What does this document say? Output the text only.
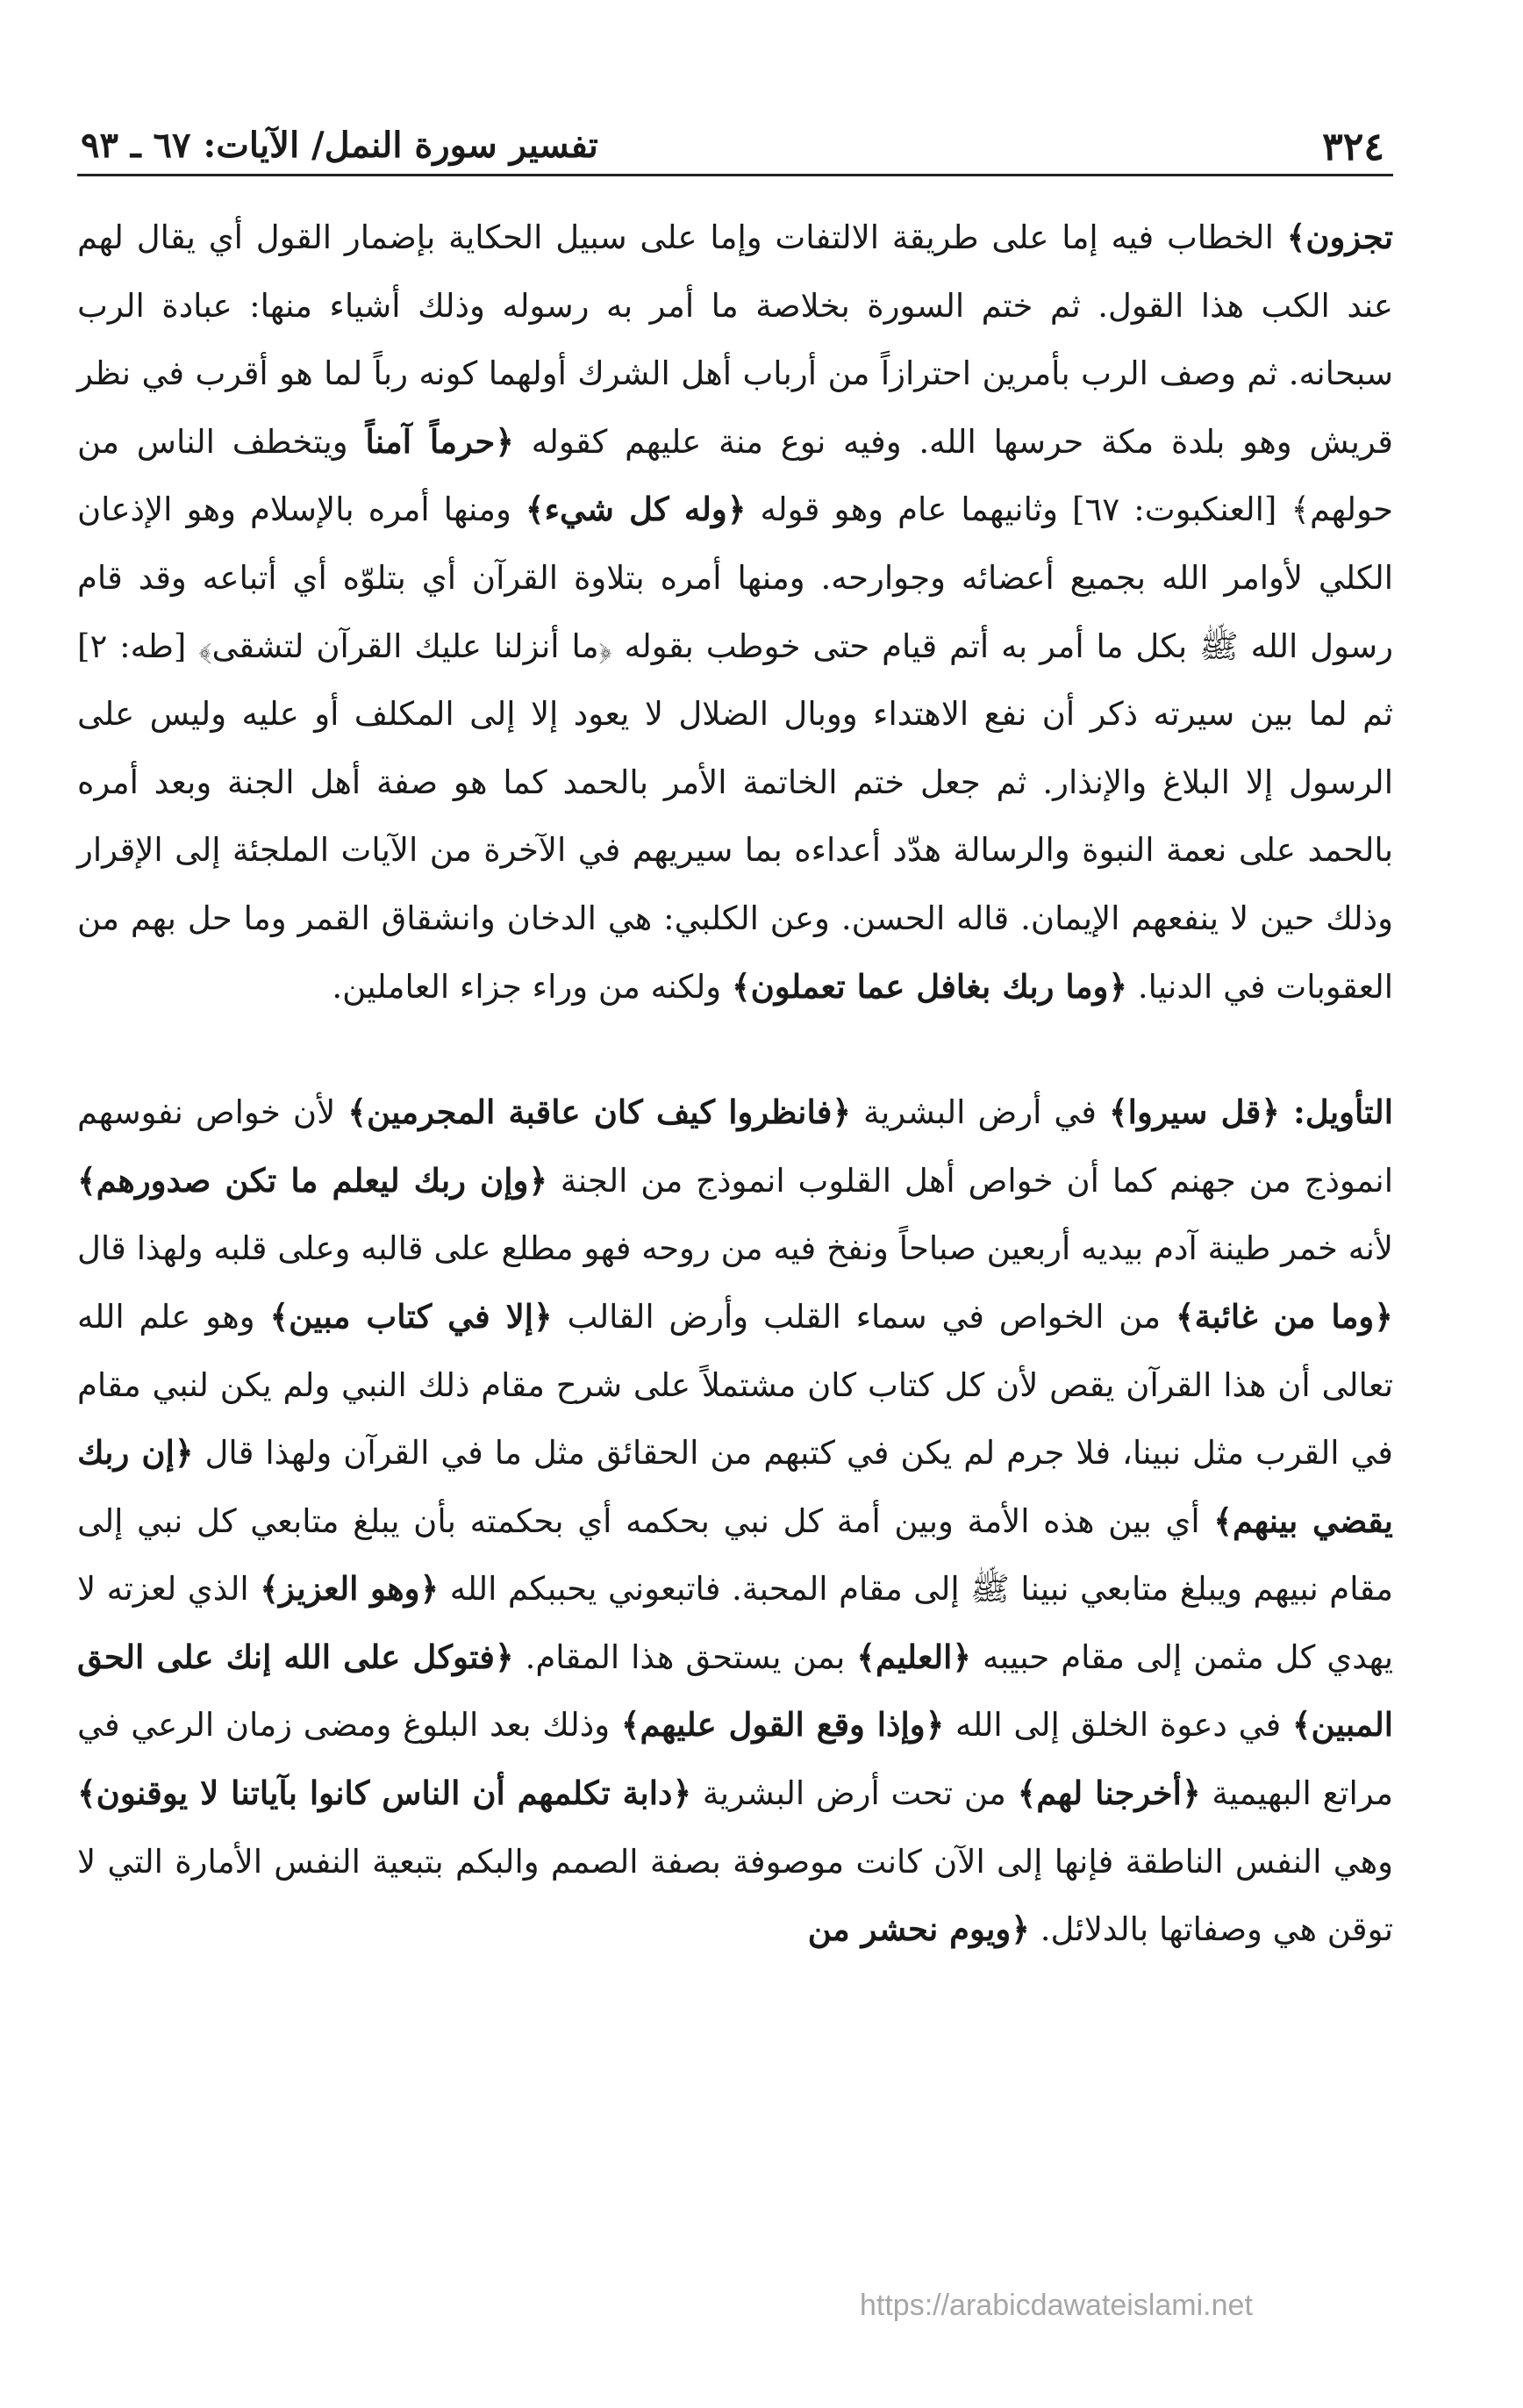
٣٢٤
تفسير سورة النمل/ الآيات: ٦٧ ـ ٩٣

تجزون﴾ الخطاب فيه إما على طريقة الالتفات وإما على سبيل الحكاية بإضمار القول أي يقال لهم عند الكب هذا القول. ثم ختم السورة بخلاصة ما أمر به رسوله وذلك أشياء منها: عبادة الرب سبحانه. ثم وصف الرب بأمرين احترازاً من أرباب أهل الشرك أولهما كونه رباً لما هو أقرب في نظر قريش وهو بلدة مكة حرسها الله. وفيه نوع منة عليهم كقوله ﴿حرماً آمناً ويتخطف الناس من حولهم﴾ [العنكبوت: ٦٧] وثانيهما عام وهو قوله ﴿وله كل شيء﴾ ومنها أمره بالإسلام وهو الإذعان الكلي لأوامر الله بجميع أعضائه وجوارحه. ومنها أمره بتلاوة القرآن أي بتلوّه أي أتباعه وقد قام رسول الله ﷺ بكل ما أمر به أتم قيام حتى خوطب بقوله ﴿ما أنزلنا عليك القرآن لتشقى﴾ [طه: ٢] ثم لما بين سيرته ذكر أن نفع الاهتداء ووبال الضلال لا يعود إلا إلى المكلف أو عليه وليس على الرسول إلا البلاغ والإنذار. ثم جعل ختم الخاتمة الأمر بالحمد كما هو صفة أهل الجنة وبعد أمره بالحمد على نعمة النبوة والرسالة هدّد أعداءه بما سيريهم في الآخرة من الآيات الملجئة إلى الإقرار وذلك حين لا ينفعهم الإيمان. قاله الحسن. وعن الكلبي: هي الدخان وانشقاق القمر وما حل بهم من العقوبات في الدنيا. ﴿وما ربك بغافل عما تعملون﴾ ولكنه من وراء جزاء العاملين.

التأويل: ﴿قل سيروا﴾ في أرض البشرية ﴿فانظروا كيف كان عاقبة المجرمين﴾ لأن خواص نفوسهم انموذج من جهنم كما أن خواص أهل القلوب انموذج من الجنة ﴿وإن ربك ليعلم ما تكن صدورهم﴾ لأنه خمر طينة آدم بيديه أربعين صباحاً ونفخ فيه من روحه فهو مطلع على قالبه وعلى قلبه ولهذا قال ﴿وما من غائبة﴾ من الخواص في سماء القلب وأرض القالب ﴿إلا في كتاب مبين﴾ وهو علم الله تعالى أن هذا القرآن يقص لأن كل كتاب كان مشتملاً على شرح مقام ذلك النبي ولم يكن لنبي مقام في القرب مثل نبينا، فلا جرم لم يكن في كتبهم من الحقائق مثل ما في القرآن ولهذا قال ﴿إن ربك يقضي بينهم﴾ أي بين هذه الأمة وبين أمة كل نبي بحكمه أي بحكمته بأن يبلغ متابعي كل نبي إلى مقام نبيهم ويبلغ متابعي نبينا ﷺ إلى مقام المحبة. فاتبعوني يحببكم الله ﴿وهو العزيز﴾ الذي لعزته لا يهدي كل مثمن إلى مقام حبيبه ﴿العليم﴾ بمن يستحق هذا المقام. ﴿فتوكل على الله إنك على الحق المبين﴾ في دعوة الخلق إلى الله ﴿وإذا وقع القول عليهم﴾ وذلك بعد البلوغ ومضى زمان الرعي في مراتع البهيمية ﴿أخرجنا لهم﴾ من تحت أرض البشرية ﴿دابة تكلمهم أن الناس كانوا بآياتنا لا يوقنون﴾ وهي النفس الناطقة فإنها إلى الآن كانت موصوفة بصفة الصمم والبكم بتبعية النفس الأمارة التي لا توقن هي وصفاتها بالدلائل. ﴿ويوم نحشر من

https://arabicdawateislami.net
